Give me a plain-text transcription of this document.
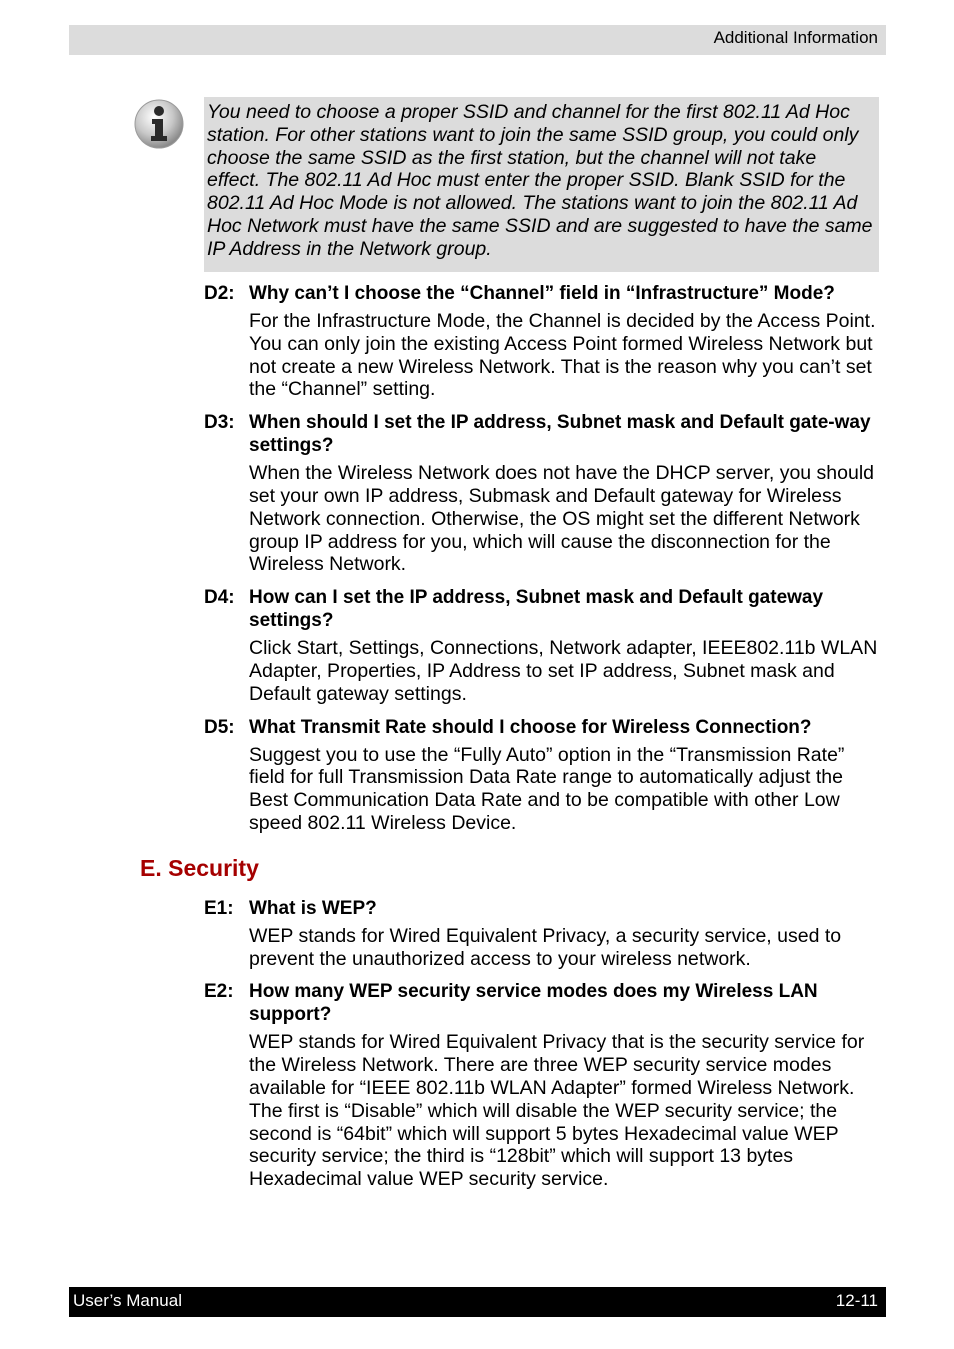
Additional Information
You need to choose a proper SSID and channel for the first 802.11 Ad Hoc station. For other stations want to join the same SSID group, you could only choose the same SSID as the first station, but the channel will not take effect. The 802.11 Ad Hoc must enter the proper SSID. Blank SSID for the 802.11 Ad Hoc Mode is not allowed. The stations want to join the 802.11 Ad Hoc Network must have the same SSID and are suggested to have the same IP Address in the Network group.
D2: Why can’t I choose the “Channel” field in “Infrastructure” Mode?
For the Infrastructure Mode, the Channel is decided by the Access Point. You can only join the existing Access Point formed Wireless Network but not create a new Wireless Network. That is the reason why you can’t set the “Channel” setting.
D3: When should I set the IP address, Subnet mask and Default gate-way settings?
When the Wireless Network does not have the DHCP server, you should set your own IP address, Submask and Default gateway for Wireless Network connection. Otherwise, the OS might set the different Network group IP address for you, which will cause the disconnection for the Wireless Network.
D4: How can I set the IP address, Subnet mask and Default gateway settings?
Click Start, Settings, Connections, Network adapter, IEEE802.11b WLAN Adapter, Properties, IP Address to set IP address, Subnet mask and Default gateway settings.
D5: What Transmit Rate should I choose for Wireless Connection?
Suggest you to use the “Fully Auto” option in the “Transmission Rate” field for full Transmission Data Rate range to automatically adjust the Best Communication Data Rate and to be compatible with other Low speed 802.11 Wireless Device.
E. Security
E1: What is WEP?
WEP stands for Wired Equivalent Privacy, a security service, used to prevent the unauthorized access to your wireless network.
E2: How many WEP security service modes does my Wireless LAN support?
WEP stands for Wired Equivalent Privacy that is the security service for the Wireless Network. There are three WEP security service modes available for “IEEE 802.11b WLAN Adapter” formed Wireless Network. The first is “Disable” which will disable the WEP security service; the second is “64bit” which will support 5 bytes Hexadecimal value WEP security service; the third is “128bit” which will support 13 bytes Hexadecimal value WEP security service.
User’s Manual	12-11
